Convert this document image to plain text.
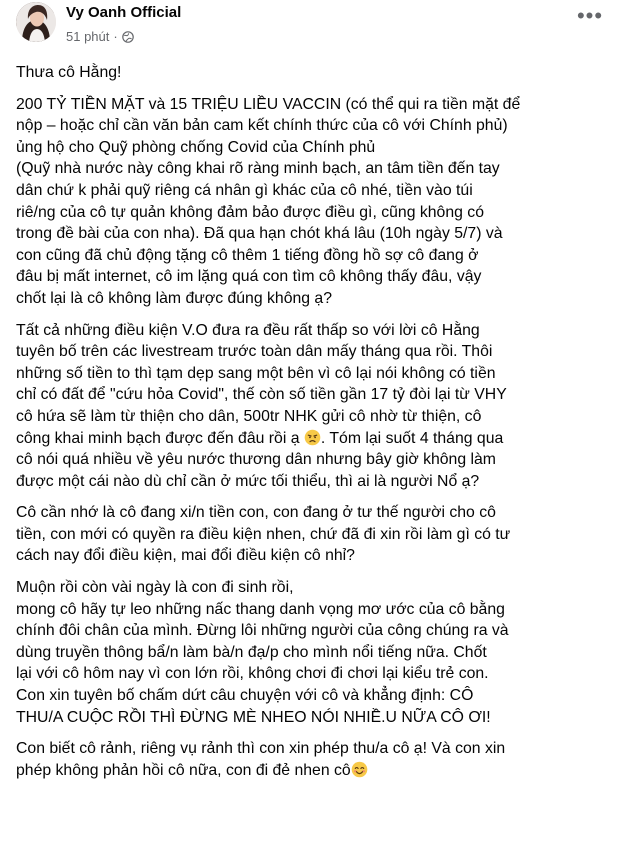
Vy Oanh Official
51 phút ·
•••

Thưa cô Hằng!

200 TỶ TIỀN MẶT và 15 TRIỆU LIỀU VACCIN (có thể qui ra tiền mặt để
nộp – hoặc chỉ cần văn bản cam kết chính thức của cô với Chính phủ)
ủng hộ cho Quỹ phòng chống Covid của Chính phủ
(Quỹ nhà nước này công khai rõ ràng minh bạch, an tâm tiền đến tay
dân chứ k phải quỹ riêng cá nhân gì khác của cô nhé, tiền vào túi
riê/ng của cô tự quản không đảm bảo được điều gì, cũng không có
trong đề bài của con nha). Đã qua hạn chót khá lâu (10h ngày 5/7) và
con cũng đã chủ động tặng cô thêm 1 tiếng đồng hồ sợ cô đang ở
đâu bị mất internet, cô im lặng quá con tìm cô không thấy đâu, vậy
chốt lại là cô không làm được đúng không ạ?

Tất cả những điều kiện V.O đưa ra đều rất thấp so với lời cô Hằng
tuyên bố trên các livestream trước toàn dân mấy tháng qua rồi. Thôi
những số tiền to thì tạm dẹp sang một bên vì cô lại nói không có tiền
chỉ có đất để "cứu hỏa Covid", thế còn số tiền gần 17 tỷ đòi lại từ VHY
cô hứa sẽ làm từ thiện cho dân, 500tr NHK gửi cô nhờ từ thiện, cô
công khai minh bạch được đến đâu rồi ạ . Tóm lại suốt 4 tháng qua
cô nói quá nhiều về yêu nước thương dân nhưng bây giờ không làm
được một cái nào dù chỉ cần ở mức tối thiểu, thì ai là người Nổ ạ?

Cô cần nhớ là cô đang xi/n tiền con, con đang ở tư thế người cho cô
tiền, con mới có quyền ra điều kiện nhen, chứ đã đi xin rồi làm gì có tư
cách nay đổi điều kiện, mai đổi điều kiện cô nhỉ?

Muộn rồi còn vài ngày là con đi sinh rồi,
mong cô hãy tự leo những nấc thang danh vọng mơ ước của cô bằng
chính đôi chân của mình. Đừng lôi những người của công chúng ra và
dùng truyền thông bẩ/n làm bà/n đạ/p cho mình nổi tiếng nữa. Chốt
lại với cô hôm nay vì con lớn rồi, không chơi đi chơi lại kiểu trẻ con.
Con xin tuyên bố chấm dứt câu chuyện với cô và khẳng định: CÔ
THU/A CUỘC RỒI THÌ ĐỪNG MÈ NHEO NÓI NHIỀ.U NỮA CÔ ƠI!

Con biết cô rảnh, riêng vụ rảnh thì con xin phép thu/a cô ạ! Và con xin
phép không phản hồi cô nữa, con đi đẻ nhen cô
